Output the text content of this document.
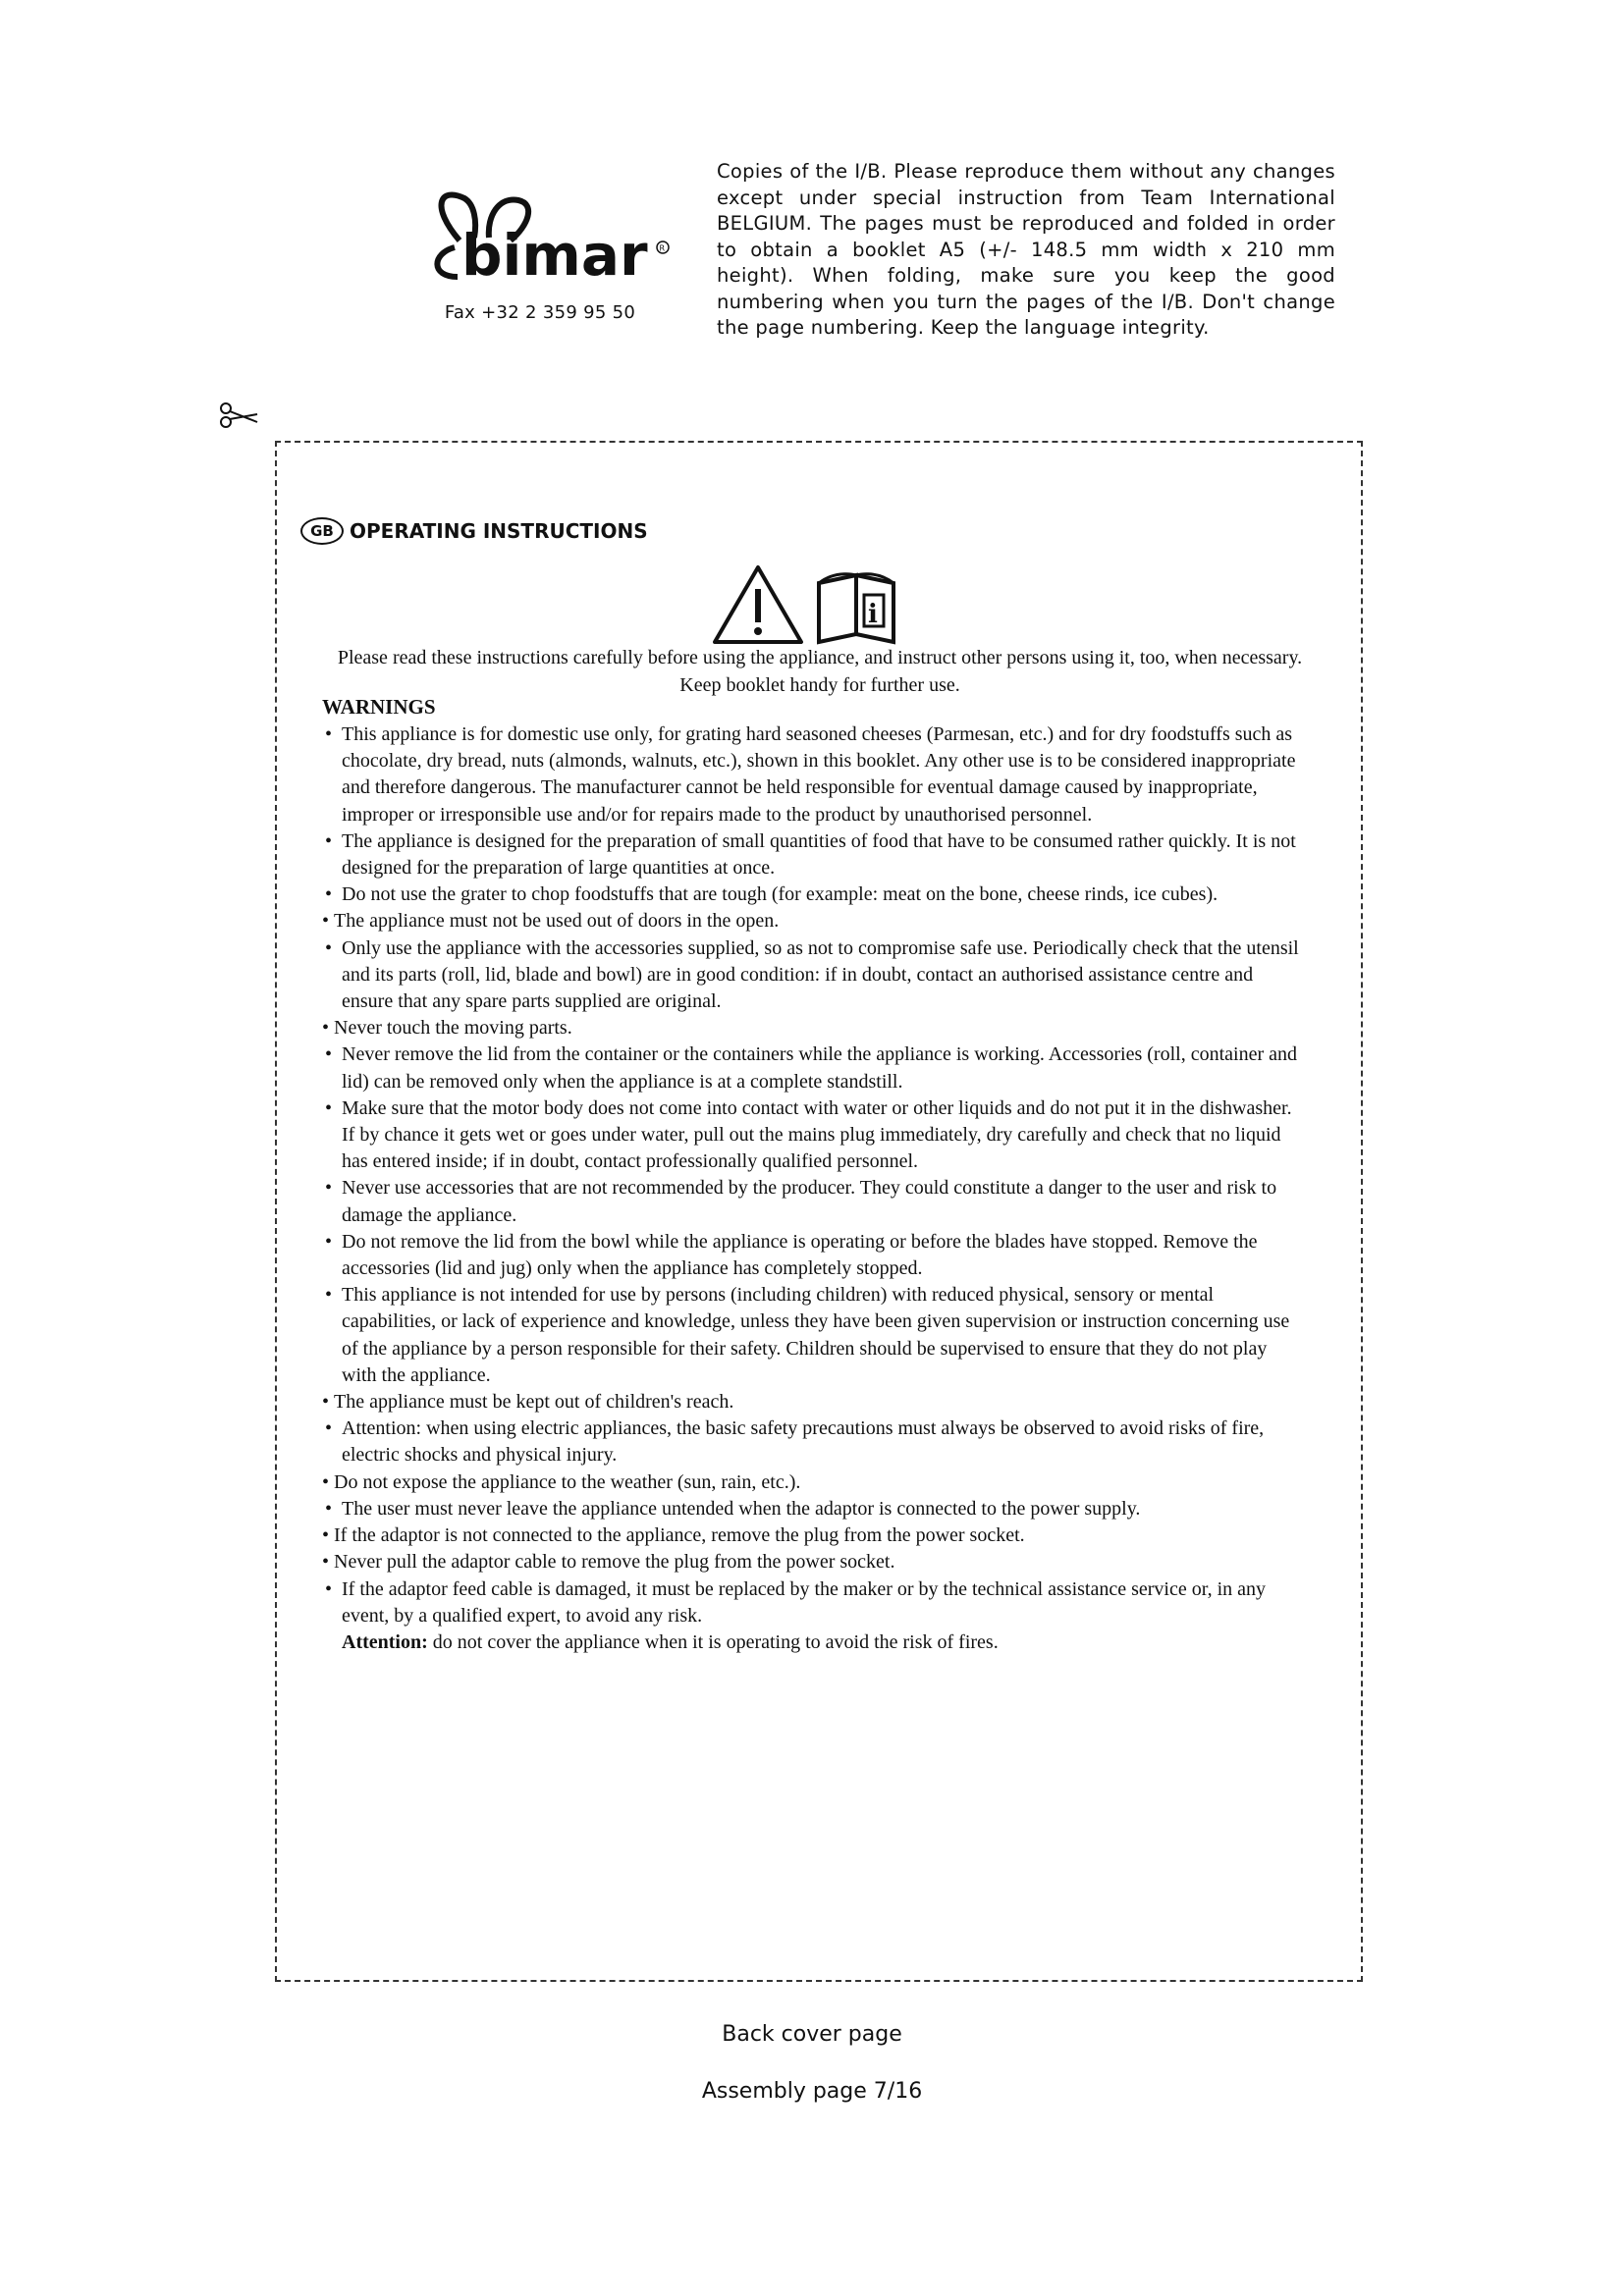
bimar R
Fax +32 2 359 95 50
Copies of the I/B. Please reproduce them without any changes except under special instruction from Team International BELGIUM. The pages must be reproduced and folded in order to obtain a booklet A5 (+/- 148.5 mm width x 210 mm height). When folding, make sure you keep the good numbering when you turn the pages of the I/B. Don't change the page numbering. Keep the language integrity.
GB OPERATING INSTRUCTIONS
i
Please read these instructions carefully before using the appliance, and instruct other persons using it, too, when necessary. Keep booklet handy for further use.
WARNINGS
• This appliance is for domestic use only, for grating hard seasoned cheeses (Parmesan, etc.) and for dry foodstuffs such as chocolate, dry bread, nuts (almonds, walnuts, etc.), shown in this booklet. Any other use is to be considered inappropriate and therefore dangerous. The manufacturer cannot be held responsible for eventual damage caused by inappropriate, improper or irresponsible use and/or for repairs made to the product by unauthorised personnel.
• The appliance is designed for the preparation of small quantities of food that have to be consumed rather quickly. It is not designed for the preparation of large quantities at once.
• Do not use the grater to chop foodstuffs that are tough (for example: meat on the bone, cheese rinds, ice cubes).
• The appliance must not be used out of doors in the open.
• Only use the appliance with the accessories supplied, so as not to compromise safe use. Periodically check that the utensil and its parts (roll, lid, blade and bowl) are in good condition: if in doubt, contact an authorised assistance centre and ensure that any spare parts supplied are original.
• Never touch the moving parts.
• Never remove the lid from the container or the containers while the appliance is working. Accessories (roll, container and lid) can be removed only when the appliance is at a complete standstill.
• Make sure that the motor body does not come into contact with water or other liquids and do not put it in the dishwasher. If by chance it gets wet or goes under water, pull out the mains plug immediately, dry carefully and check that no liquid has entered inside; if in doubt, contact professionally qualified personnel.
• Never use accessories that are not recommended by the producer. They could constitute a danger to the user and risk to damage the appliance.
• Do not remove the lid from the bowl while the appliance is operating or before the blades have stopped. Remove the accessories (lid and jug) only when the appliance has completely stopped.
• This appliance is not intended for use by persons (including children) with reduced physical, sensory or mental capabilities, or lack of experience and knowledge, unless they have been given supervision or instruction concerning use of the appliance by a person responsible for their safety. Children should be supervised to ensure that they do not play with the appliance.
• The appliance must be kept out of children's reach.
• Attention: when using electric appliances, the basic safety precautions must always be observed to avoid risks of fire, electric shocks and physical injury.
• Do not expose the appliance to the weather (sun, rain, etc.).
• The user must never leave the appliance untended when the adaptor is connected to the power supply.
• If the adaptor is not connected to the appliance, remove the plug from the power socket.
• Never pull the adaptor cable to remove the plug from the power socket.
• If the adaptor feed cable is damaged, it must be replaced by the maker or by the technical assistance service or, in any event, by a qualified expert, to avoid any risk.
Attention: do not cover the appliance when it is operating to avoid the risk of fires.
Back cover page
Assembly page 7/16
